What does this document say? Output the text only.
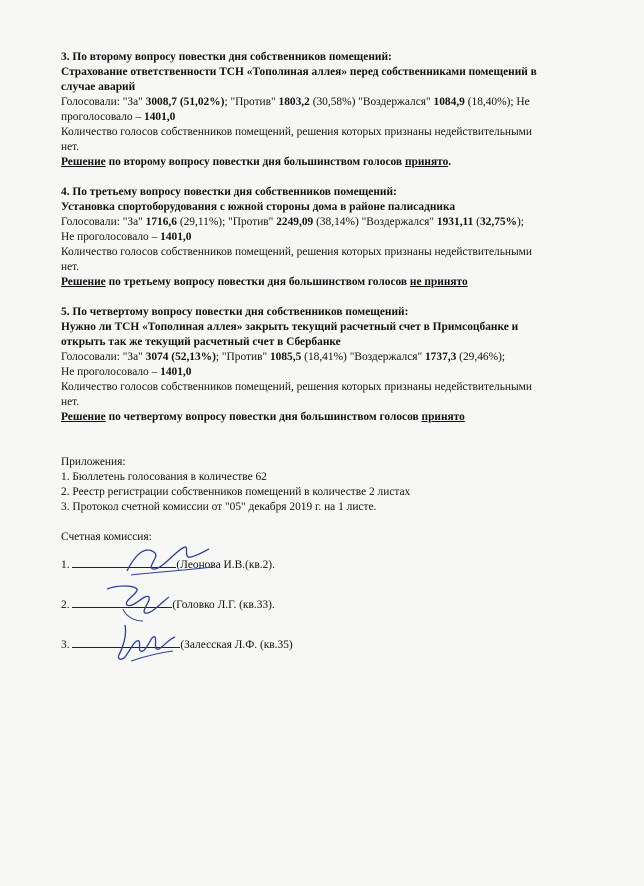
3. По второму вопросу повестки дня собственников помещений:
Страхование ответственности ТСН «Тополиная аллея» перед собственниками помещений в
случае аварий
Голосовали: "За" 3008,7 (51,02%); "Против" 1803,2 (30,58%) "Воздержался" 1084,9 (18,40%); Не
проголосовало – 1401,0
Количество голосов собственников помещений, решения которых признаны недействительными
нет.
Решение по второму вопросу повестки дня большинством голосов принято.
4. По третьему вопросу повестки дня собственников помещений:
Установка спортоборудования с южной стороны дома в районе палисадника
Голосовали: "За" 1716,6 (29,11%); "Против" 2249,09 (38,14%) "Воздержался" 1931,11 (32,75%);
Не проголосовало – 1401,0
Количество голосов собственников помещений, решения которых признаны недействительными
нет.
Решение по третьему вопросу повестки дня большинством голосов не принято
5. По четвертому вопросу повестки дня собственников помещений:
Нужно ли ТСН «Тополиная аллея» закрыть текущий расчетный счет в Примсоцбанке и
открыть так же текущий расчетный счет в Сбербанке
Голосовали: "За" 3074 (52,13%); "Против" 1085,5 (18,41%) "Воздержался" 1737,3 (29,46%);
Не проголосовало – 1401,0
Количество голосов собственников помещений, решения которых признаны недействительными
нет.
Решение по четвертому вопросу повестки дня большинством голосов принято
Приложения:
1. Бюллетень голосования в количестве 62
2. Реестр регистрации собственников помещений в количестве 2 листах
3. Протокол счетной комиссии от "05" декабря 2019 г. на 1 листе.
Счетная комиссия:
1.	(Леонова И.В.(кв.2).
2.	(Головко Л.Г. (кв.33).
3.	(Залесская Л.Ф. (кв.35)
